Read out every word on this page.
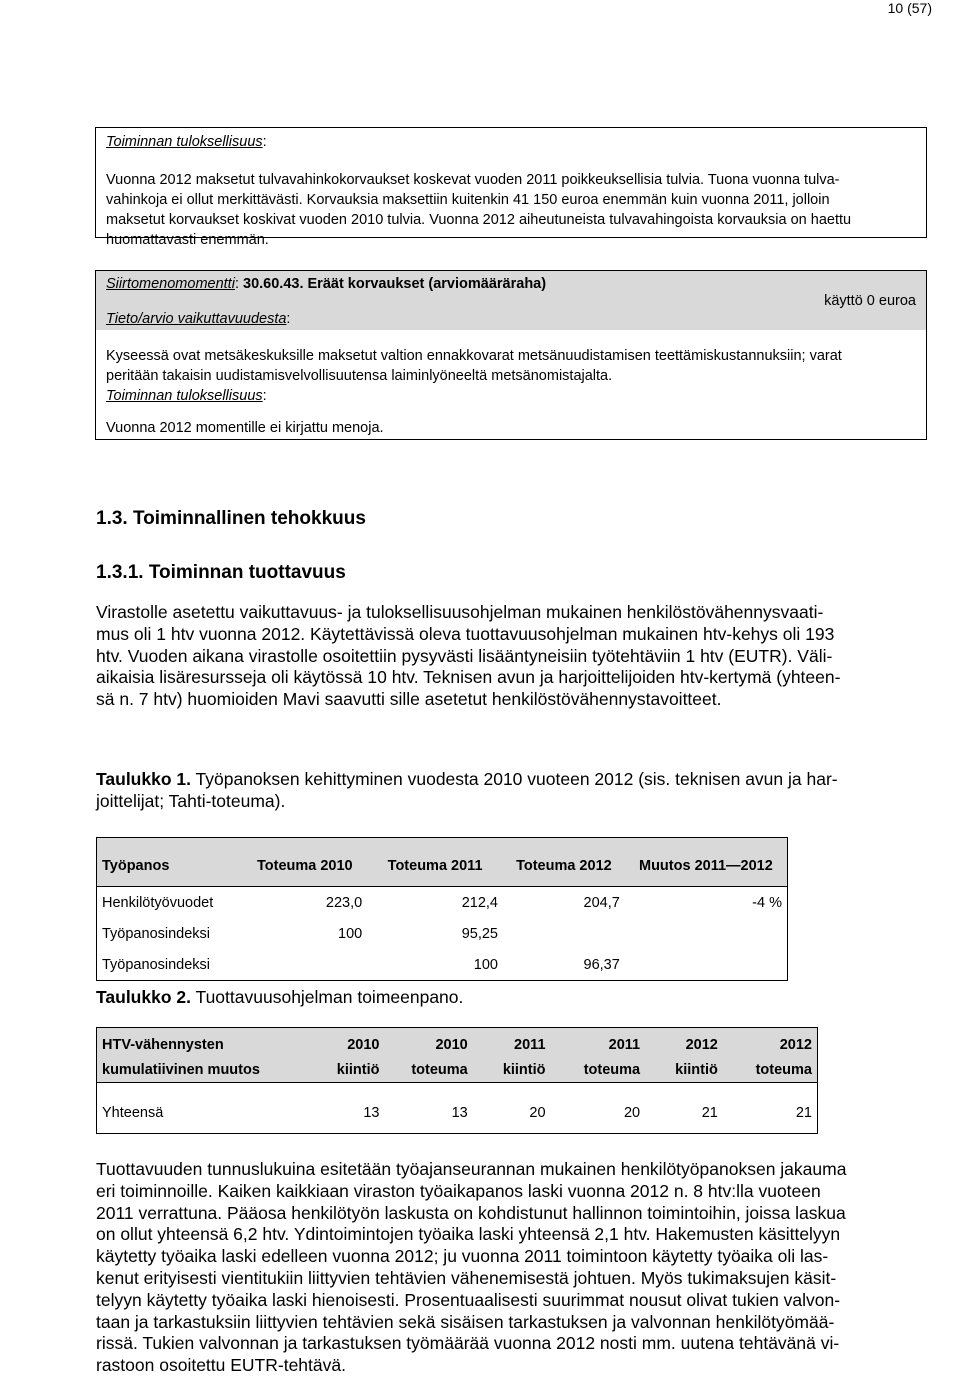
10 (57)

Toiminnan tuloksellisuus:

Vuonna 2012 maksetut tulvavahinkokorvaukset koskevat vuoden 2011 poikkeuksellisia tulvia. Tuona vuonna tulva-

vahinkoja ei ollut merkittävästi. Korvauksia maksettiin kuitenkin 41 150 euroa enemmän kuin vuonna 2011, jolloin

maksetut korvaukset koskivat vuoden 2010 tulvia. Vuonna 2012 aiheutuneista tulvavahingoista korvauksia on haettu

huomattavasti enemmän.

Siirtomenomomentti: 30.60.43. Eräät korvaukset (arviomääräraha)
käyttö 0 euroa
Tieto/arvio vaikuttavuudesta:

Kyseessä ovat metsäkeskuksille maksetut valtion ennakkovarat metsänuudistamisen teettämiskustannuksiin; varat

peritään takaisin uudistamisvelvollisuutensa laiminlyöneeltä metsänomistajalta.

Toiminnan tuloksellisuus:

Vuonna 2012 momentille ei kirjattu menoja.

1.3. Toiminnallinen tehokkuus
1.3.1. Toiminnan tuottavuus

Virastolle asetettu vaikuttavuus- ja tuloksellisuusohjelman mukainen henkilöstövähennysvaati-

mus oli 1 htv vuonna 2012. Käytettävissä oleva tuottavuusohjelman mukainen htv-kehys oli 193

htv. Vuoden aikana virastolle osoitettiin pysyvästi lisääntyneisiin työtehtäviin 1 htv (EUTR). Väli-

aikaisia lisäresursseja oli käytössä 10 htv. Teknisen avun ja harjoittelijoiden htv-kertymä (yhteen-

sä n. 7 htv) huomioiden Mavi saavutti sille asetetut henkilöstövähennystavoitteet.

Taulukko 1. Työpanoksen kehittyminen vuodesta 2010 vuoteen 2012 (sis. teknisen avun ja har-

joittelijat; Tahti-toteuma).

Työpanos	Toteuma 2010	Toteuma 2011	Toteuma 2012	Muutos 2011—2012
Henkilötyövuodet	223,0	212,4	204,7	-4 %
Työpanosindeksi	100	95,25		
Työpanosindeksi		100	96,37	

Taulukko 2. Tuottavuusohjelman toimeenpano.

HTV-vähennysten	2010	2010	2011	2011	2012	2012
kumulatiivinen muutos	kiintiö	toteuma	kiintiö	toteuma	kiintiö	toteuma
Yhteensä	13	13	20	20	21	21

Tuottavuuden tunnuslukuina esitetään työajanseurannan mukainen henkilötyöpanoksen jakauma

eri toiminnoille. Kaiken kaikkiaan viraston työaikapanos laski vuonna 2012 n. 8 htv:lla vuoteen

2011 verrattuna. Pääosa henkilötyön laskusta on kohdistunut hallinnon toimintoihin, joissa laskua

on ollut yhteensä 6,2 htv. Ydintoimintojen työaika laski yhteensä 2,1 htv. Hakemusten käsittelyyn

käytetty työaika laski edelleen vuonna 2012; ju vuonna 2011 toimintoon käytetty työaika oli las-

kenut erityisesti vientitukiin liittyvien tehtävien vähenemisestä johtuen. Myös tukimaksujen käsit-

telyyn käytetty työaika laski hienoisesti. Prosentuaalisesti suurimmat nousut olivat tukien valvon-

taan ja tarkastuksiin liittyvien tehtävien sekä sisäisen tarkastuksen ja valvonnan henkilötyömää-

rissä. Tukien valvonnan ja tarkastuksen työmäärää vuonna 2012 nosti mm. uutena tehtävänä vi-

rastoon osoitettu EUTR-tehtävä.
